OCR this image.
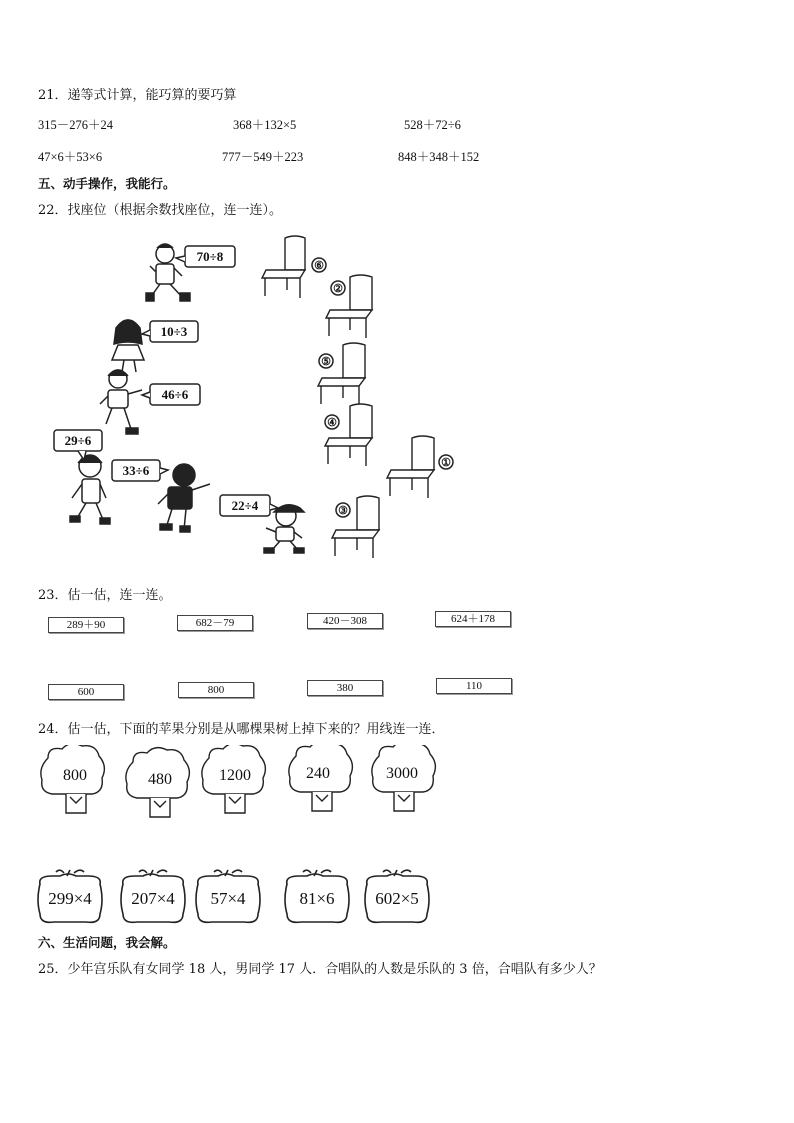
21．递等式计算，能巧算的要巧算
315－276＋24	368＋132×5	528＋72÷6
47×6＋53×6	777－549＋223	848＋348＋152
五、动手操作，我能行。
22．找座位（根据余数找座位，连一连）。
70÷8
10÷3
46÷6
29÷6
33÷6
22÷4
⑥
②
⑤
④
①
③
23．估一估，连一连。
289＋90	682－79	420－308	624＋178
600	800	380	110
24．估一估，下面的苹果分别是从哪棵果树上掉下来的？用线连一连．
800	480	1200	240	3000
299×4	207×4	57×4	81×6	602×5
六、生活问题，我会解。
25．少年宫乐队有女同学 18 人，男同学 17 人．合唱队的人数是乐队的 3 倍，合唱队有多少人？
